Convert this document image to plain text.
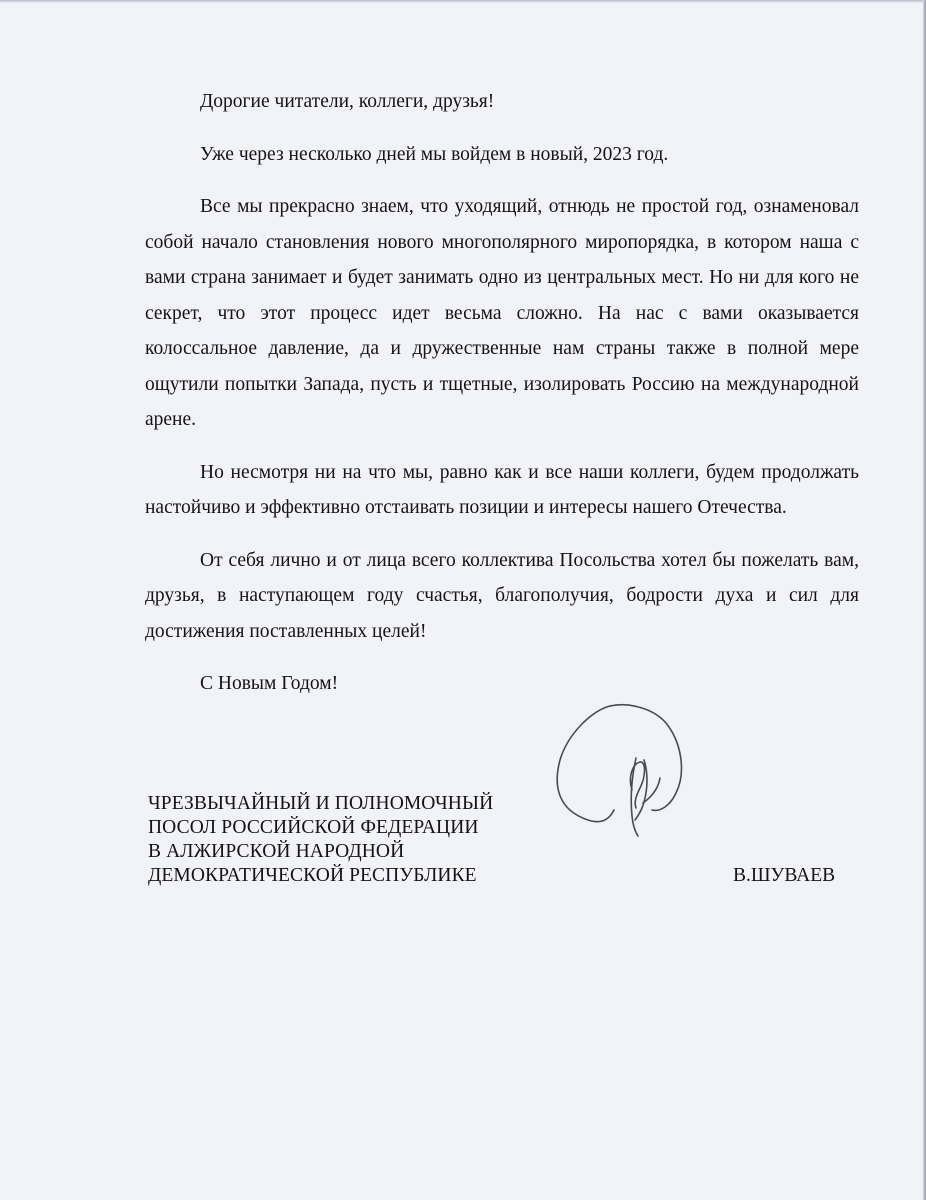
Дорогие читатели, коллеги, друзья!

Уже через несколько дней мы войдем в новый, 2023 год.

Все мы прекрасно знаем, что уходящий, отнюдь не простой год, ознаменовал собой начало становления нового многополярного миропорядка, в котором наша с вами страна занимает и будет занимать одно из центральных мест. Но ни для кого не секрет, что этот процесс идет весьма сложно. На нас с вами оказывается колоссальное давление, да и дружественные нам страны также в полной мере ощутили попытки Запада, пусть и тщетные, изолировать Россию на международной арене.

Но несмотря ни на что мы, равно как и все наши коллеги, будем продолжать настойчиво и эффективно отстаивать позиции и интересы нашего Отечества.

От себя лично и от лица всего коллектива Посольства хотел бы пожелать вам, друзья, в наступающем году счастья, благополучия, бодрости духа и сил для достижения поставленных целей!

С Новым Годом!

ЧРЕЗВЫЧАЙНЫЙ И ПОЛНОМОЧНЫЙ
ПОСОЛ РОССИЙСКОЙ ФЕДЕРАЦИИ
В АЛЖИРСКОЙ НАРОДНОЙ
ДЕМОКРАТИЧЕСКОЙ РЕСПУБЛИКЕ	В.ШУВАЕВ
